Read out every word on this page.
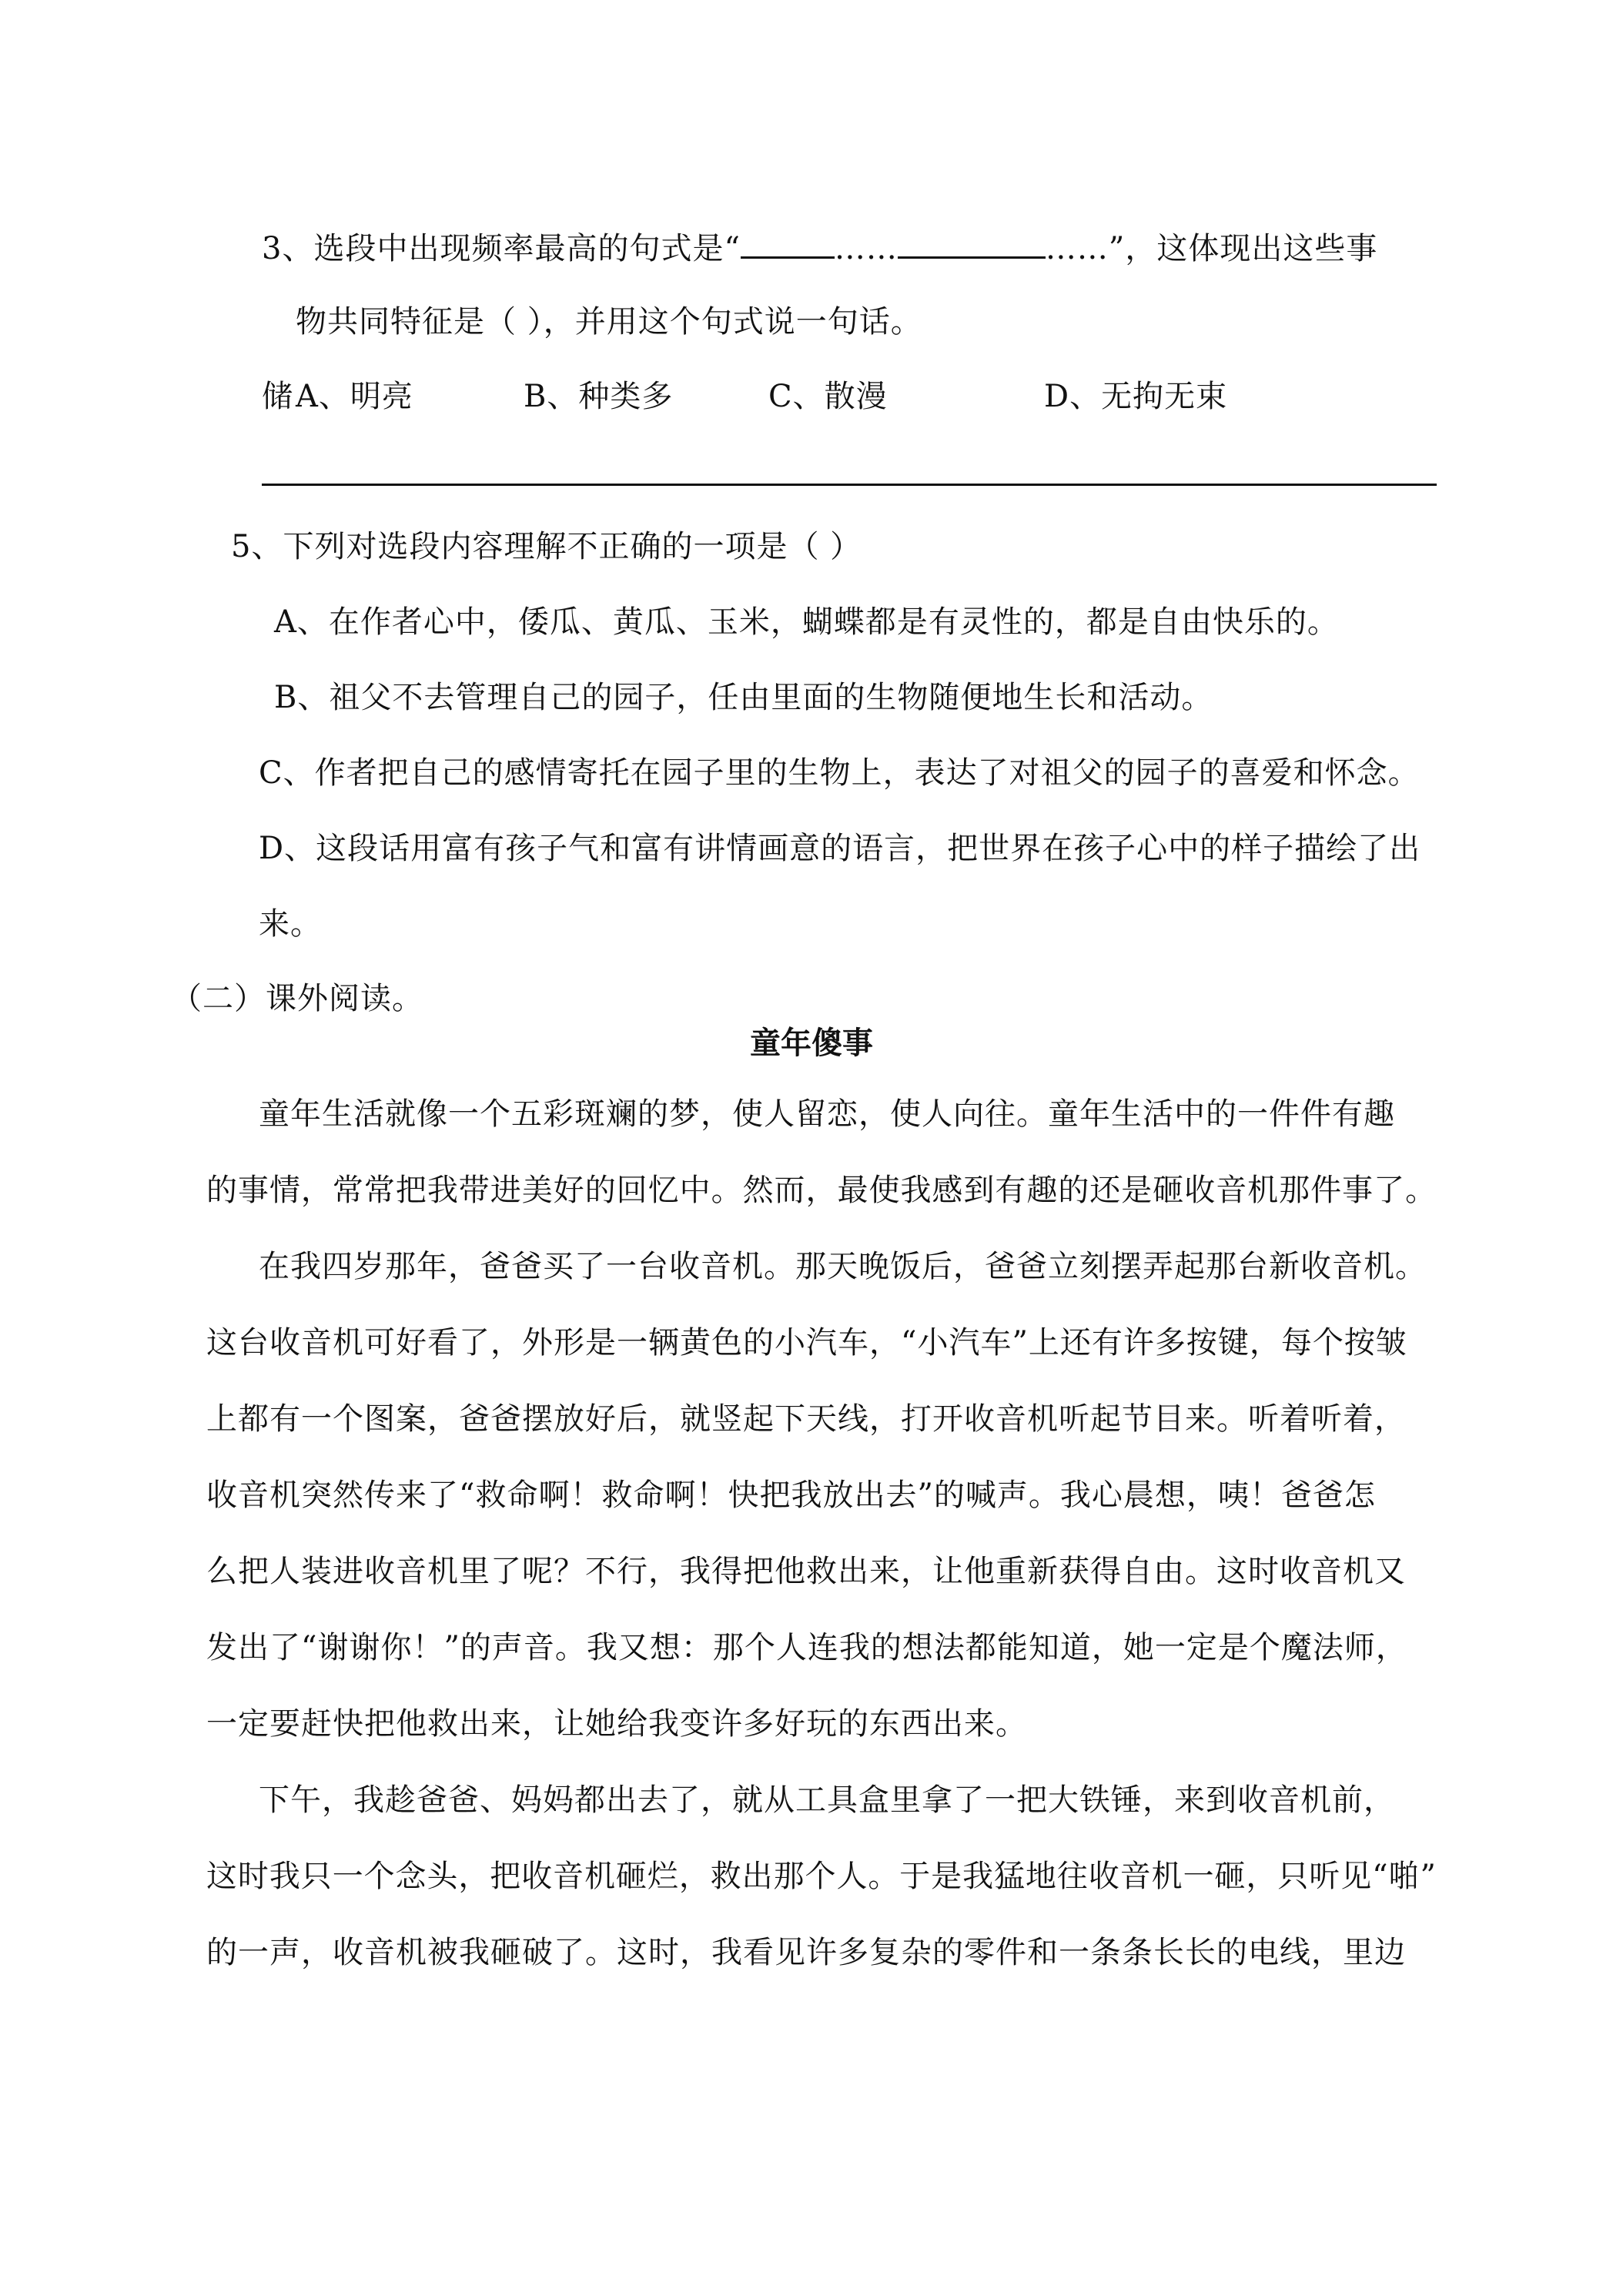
3、选段中出现频率最高的句式是“	……	……”，这体现出这些事
物共同特征是（ ），并用这个句式说一句话。
储 A、明亮	B、种类多	C、散漫	D、无拘无束
5、下列对选段内容理解不正确的一项是（ ）
A、在作者心中，倭瓜、黄瓜、玉米，蝴蝶都是有灵性的，都是自由快乐的。
B、祖父不去管理自己的园子，任由里面的生物随便地生长和活动。
C、作者把自己的感情寄托在园子里的生物上，表达了对祖父的园子的喜爱和怀念。
D、这段话用富有孩子气和富有讲情画意的语言，把世界在孩子心中的样子描绘了出
来。
（二）课外阅读。
童年傻事
童年生活就像一个五彩斑斓的梦，使人留恋，使人向往。童年生活中的一件件有趣
的事情，常常把我带进美好的回忆中。然而，最使我感到有趣的还是砸收音机那件事了。
在我四岁那年，爸爸买了一台收音机。那天晚饭后，爸爸立刻摆弄起那台新收音机。
这台收音机可好看了，外形是一辆黄色的小汽车，“小汽车”上还有许多按键，每个按皱
上都有一个图案，爸爸摆放好后，就竖起下天线，打开收音机听起节目来。听着听着，
收音机突然传来了“救命啊！救命啊！快把我放出去”的喊声。我心晨想，咦！爸爸怎
么把人装进收音机里了呢？不行，我得把他救出来，让他重新获得自由。这时收音机又
发出了“谢谢你！”的声音。我又想：那个人连我的想法都能知道，她一定是个魔法师，
一定要赶快把他救出来，让她给我变许多好玩的东西出来。
下午，我趁爸爸、妈妈都出去了，就从工具盒里拿了一把大铁锤，来到收音机前，
这时我只一个念头，把收音机砸烂，救出那个人。于是我猛地往收音机一砸，只听见“啪”
的一声，收音机被我砸破了。这时，我看见许多复杂的零件和一条条长长的电线，里边
